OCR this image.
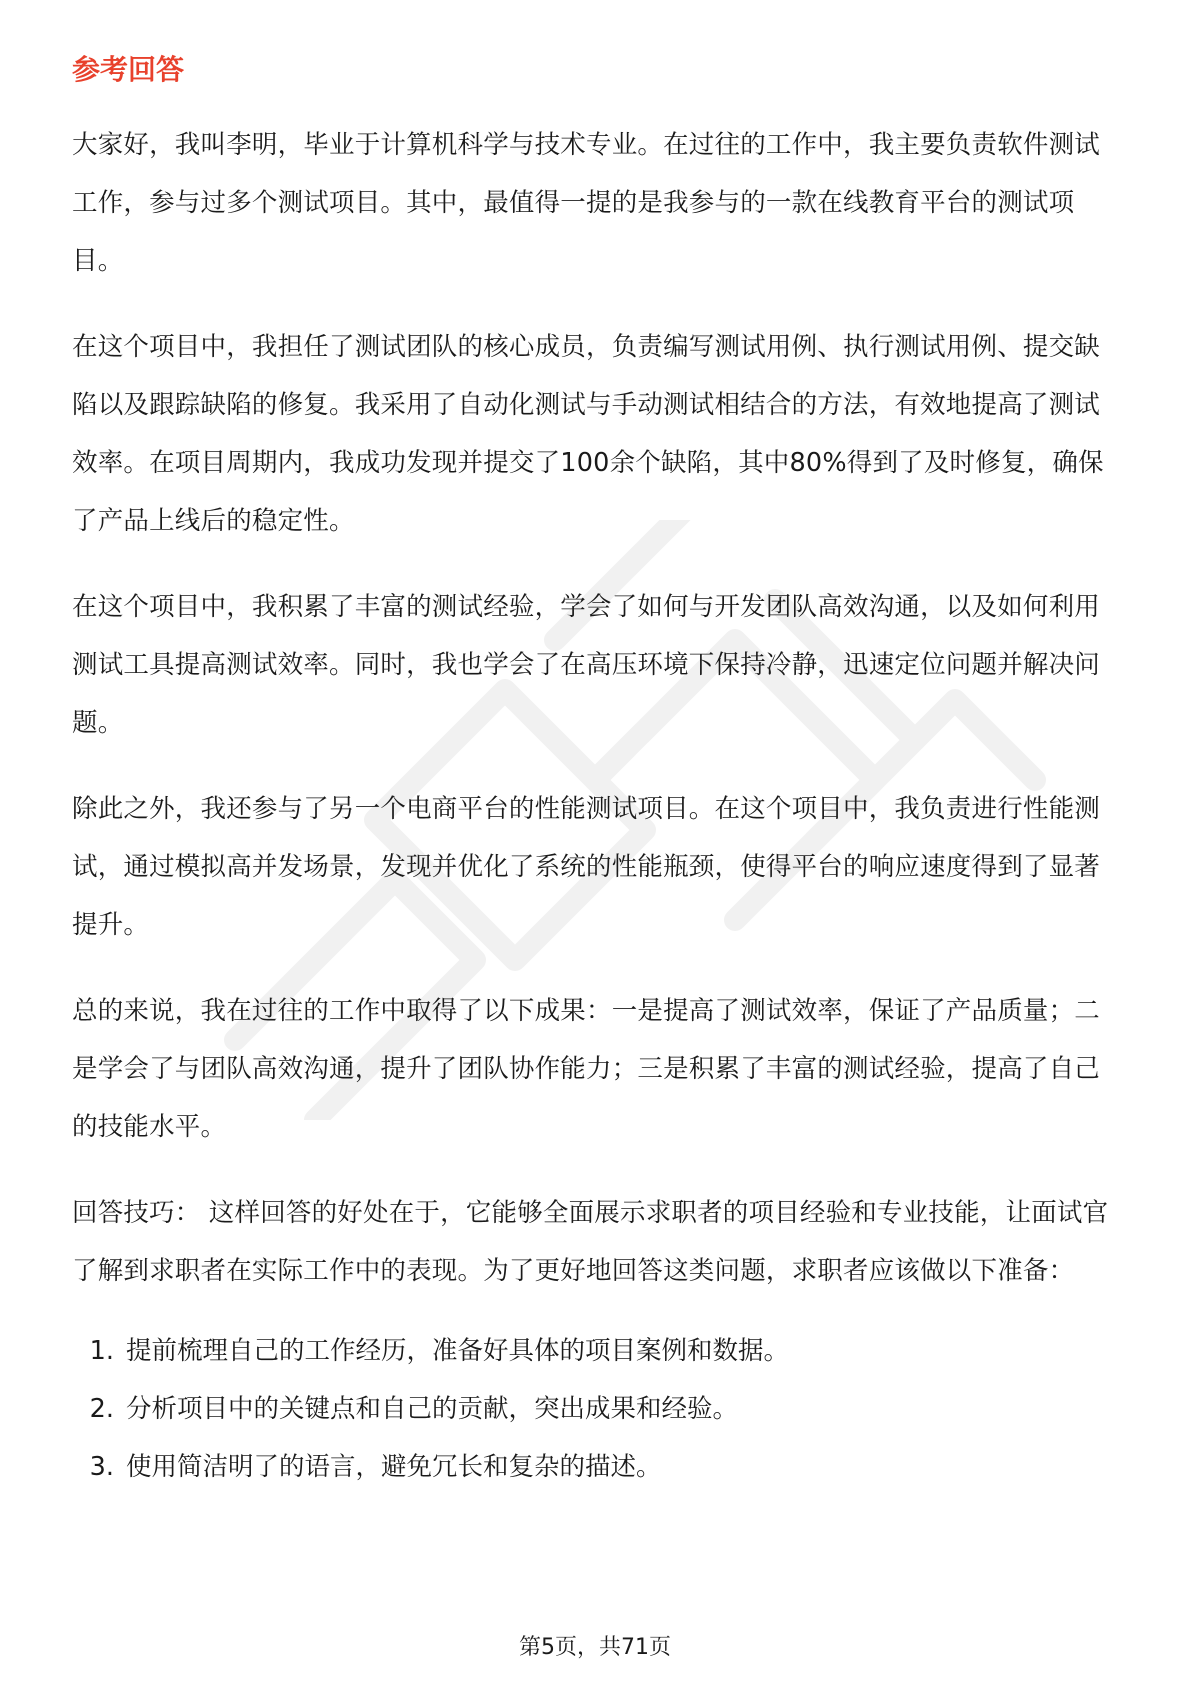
参考回答

大家好，我叫李明，毕业于计算机科学与技术专业。在过往的工作中，我主要负责软件测试工作，参与过多个测试项目。其中，最值得一提的是我参与的一款在线教育平台的测试项目。

在这个项目中，我担任了测试团队的核心成员，负责编写测试用例、执行测试用例、提交缺陷以及跟踪缺陷的修复。我采用了自动化测试与手动测试相结合的方法，有效地提高了测试效率。在项目周期内，我成功发现并提交了100余个缺陷，其中80%得到了及时修复，确保了产品上线后的稳定性。

在这个项目中，我积累了丰富的测试经验，学会了如何与开发团队高效沟通，以及如何利用测试工具提高测试效率。同时，我也学会了在高压环境下保持冷静，迅速定位问题并解决问题。

除此之外，我还参与了另一个电商平台的性能测试项目。在这个项目中，我负责进行性能测试，通过模拟高并发场景，发现并优化了系统的性能瓶颈，使得平台的响应速度得到了显著提升。

总的来说，我在过往的工作中取得了以下成果：一是提高了测试效率，保证了产品质量；二是学会了与团队高效沟通，提升了团队协作能力；三是积累了丰富的测试经验，提高了自己的技能水平。

回答技巧： 这样回答的好处在于，它能够全面展示求职者的项目经验和专业技能，让面试官了解到求职者在实际工作中的表现。为了更好地回答这类问题，求职者应该做以下准备：

1. 提前梳理自己的工作经历，准备好具体的项目案例和数据。
2. 分析项目中的关键点和自己的贡献，突出成果和经验。
3. 使用简洁明了的语言，避免冗长和复杂的描述。
第5页，共71页
